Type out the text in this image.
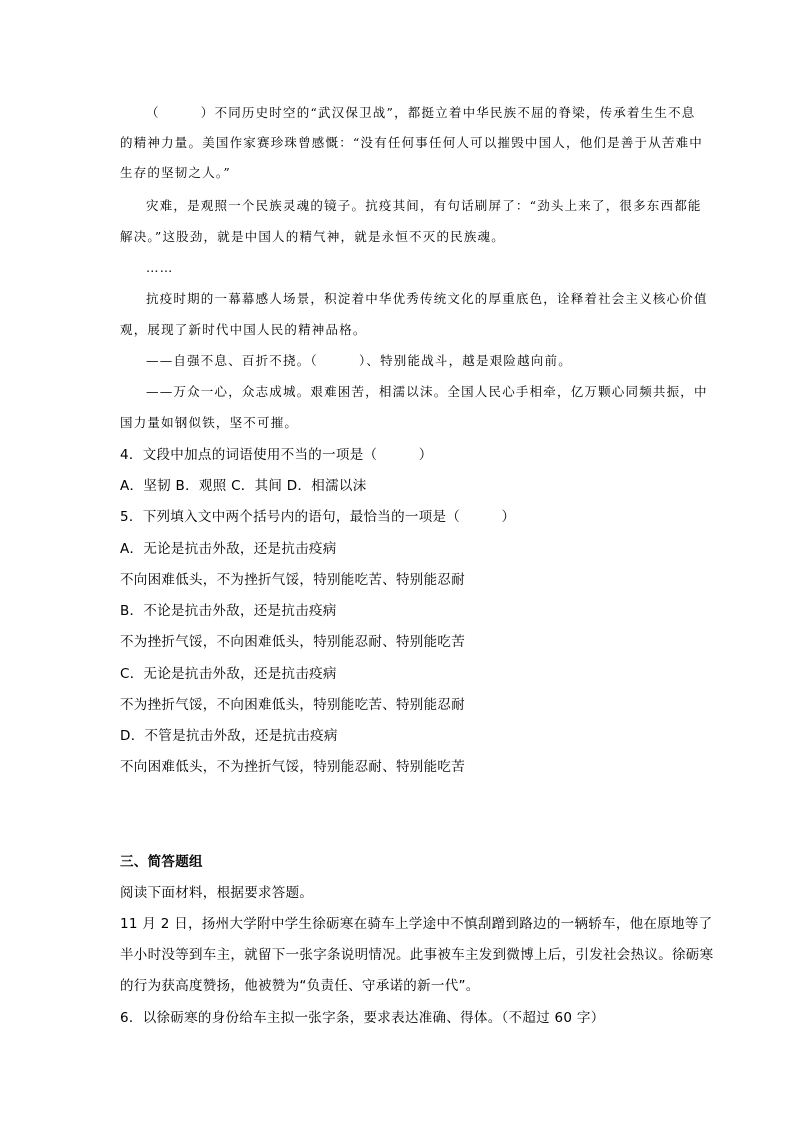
（　　　）不同历史时空的“武汉保卫战”，都挺立着中华民族不屈的脊梁，传承着生生不息
的精神力量。美国作家赛珍珠曾感慨：“没有任何事任何人可以摧毁中国人，他们是善于从苦难中
生存的坚韧之人。”
灾难，是观照一个民族灵魂的镜子。抗疫其间，有句话刷屏了：“劲头上来了，很多东西都能
解决。”这股劲，就是中国人的精气神，就是永恒不灭的民族魂。
……
抗疫时期的一幕幕感人场景，积淀着中华优秀传统文化的厚重底色，诠释着社会主义核心价值
观，展现了新时代中国人民的精神品格。
——自强不息、百折不挠。（　　　）、特别能战斗，越是艰险越向前。
——万众一心，众志成城。艰难困苦，相濡以沫。全国人民心手相牵，亿万颗心同频共振，中
国力量如钢似铁，坚不可摧。
4．文段中加点的词语使用不当的一项是（　　　）
A．坚韧 B．观照 C．其间 D．相濡以沫
5．下列填入文中两个括号内的语句，最恰当的一项是（　　　）
A．无论是抗击外敌，还是抗击疫病
不向困难低头，不为挫折气馁，特别能吃苦、特别能忍耐
B．不论是抗击外敌，还是抗击疫病
不为挫折气馁，不向困难低头，特别能忍耐、特别能吃苦
C．无论是抗击外敌，还是抗击疫病
不为挫折气馁，不向困难低头，特别能吃苦、特别能忍耐
D．不管是抗击外敌，还是抗击疫病
不向困难低头，不为挫折气馁，特别能忍耐、特别能吃苦
三、简答题组
阅读下面材料，根据要求答题。
11 月 2 日，扬州大学附中学生徐砺寒在骑车上学途中不慎刮蹭到路边的一辆轿车，他在原地等了
半小时没等到车主，就留下一张字条说明情况。此事被车主发到微博上后，引发社会热议。徐砺寒
的行为获高度赞扬，他被赞为“负责任、守承诺的新一代”。
6．以徐砺寒的身份给车主拟一张字条，要求表达准确、得体。（不超过 60 字）
